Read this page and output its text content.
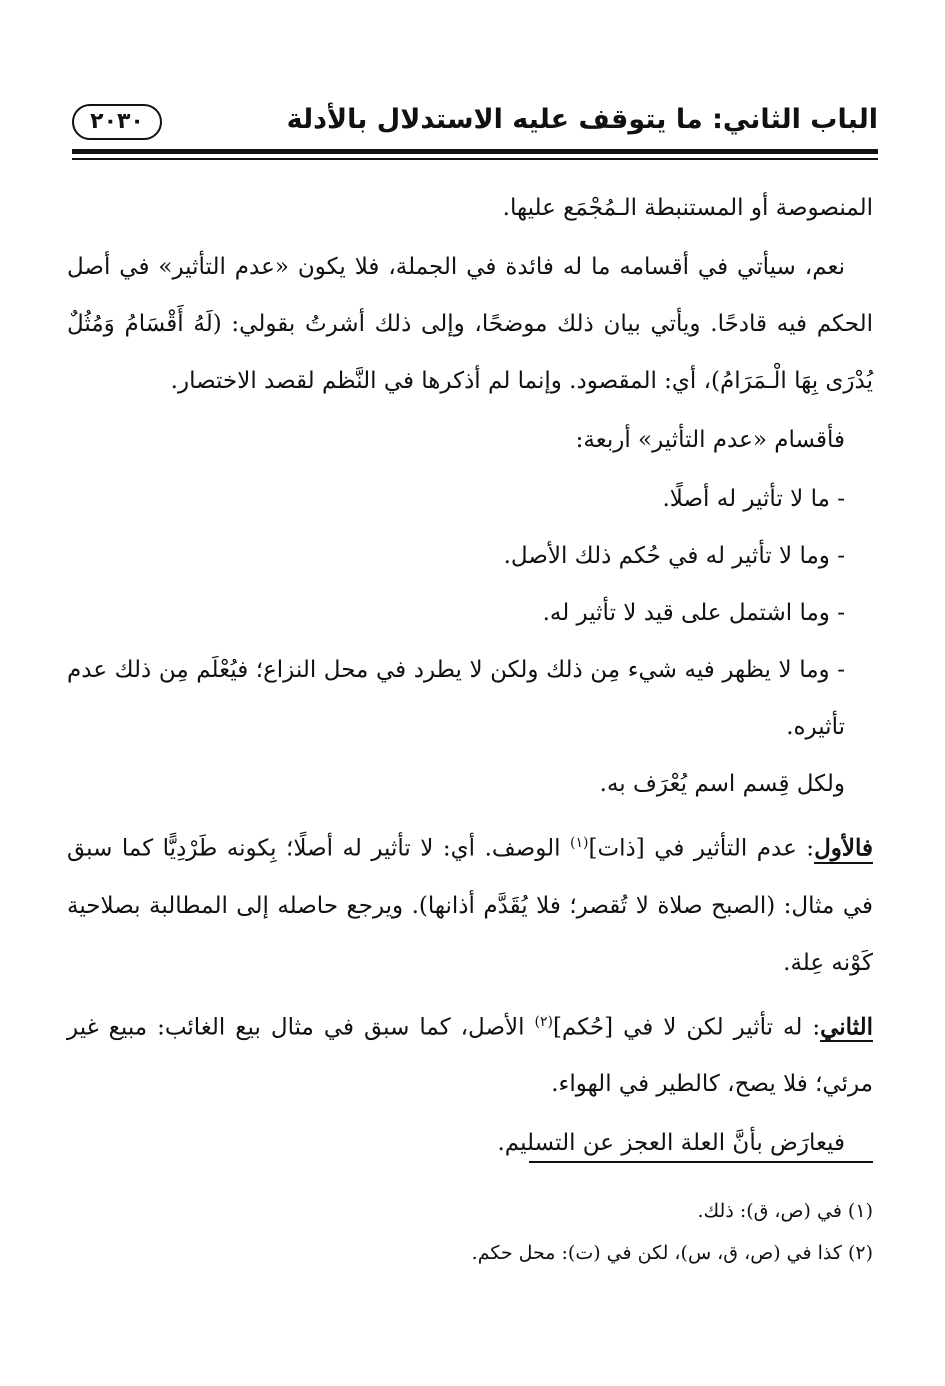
الباب الثاني: ما يتوقف عليه الاستدلال بالأدلة
٢٠٣٠

المنصوصة أو المستنبطة الـمُجْمَع عليها.

نعم، سيأتي في أقسامه ما له فائدة في الجملة، فلا يكون «عدم التأثير» في أصل الحكم فيه قادحًا. ويأتي بيان ذلك موضحًا، وإلى ذلك أشرتُ بقولي: (لَهُ أَقْسَامُ وَمُثُلٌ يُدْرَى بِهَا الْـمَرَامُ)، أي: المقصود. وإنما لم أذكرها في النَّظم لقصد الاختصار.

فأقسام «عدم التأثير» أربعة:

- ما لا تأثير له أصلًا.

- وما لا تأثير له في حُكم ذلك الأصل.

- وما اشتمل على قيد لا تأثير له.

- وما لا يظهر فيه شيء مِن ذلك ولكن لا يطرد في محل النزاع؛ فيُعْلَم مِن ذلك عدم تأثيره.

ولكل قِسم اسم يُعْرَف به.

فالأول: عدم التأثير في [ذات]$^{(١)}$ الوصف. أي: لا تأثير له أصلًا؛ بِكونه طَرْدِيًّا كما سبق في مثال: (الصبح صلاة لا تُقصر؛ فلا يُقَدَّم أذانها). ويرجع حاصله إلى المطالبة بصلاحية كَوْنه عِلة.

الثاني: له تأثير لكن لا في [حُكم]$^{(٢)}$ الأصل، كما سبق في مثال بيع الغائب: مبيع غير مرئي؛ فلا يصح، كالطير في الهواء.

فيعارَض بأنَّ العلة العجز عن التسليم.

(١) في (ص، ق): ذلك.

(٢) كذا في (ص، ق، س)، لكن في (ت): محل حكم.
